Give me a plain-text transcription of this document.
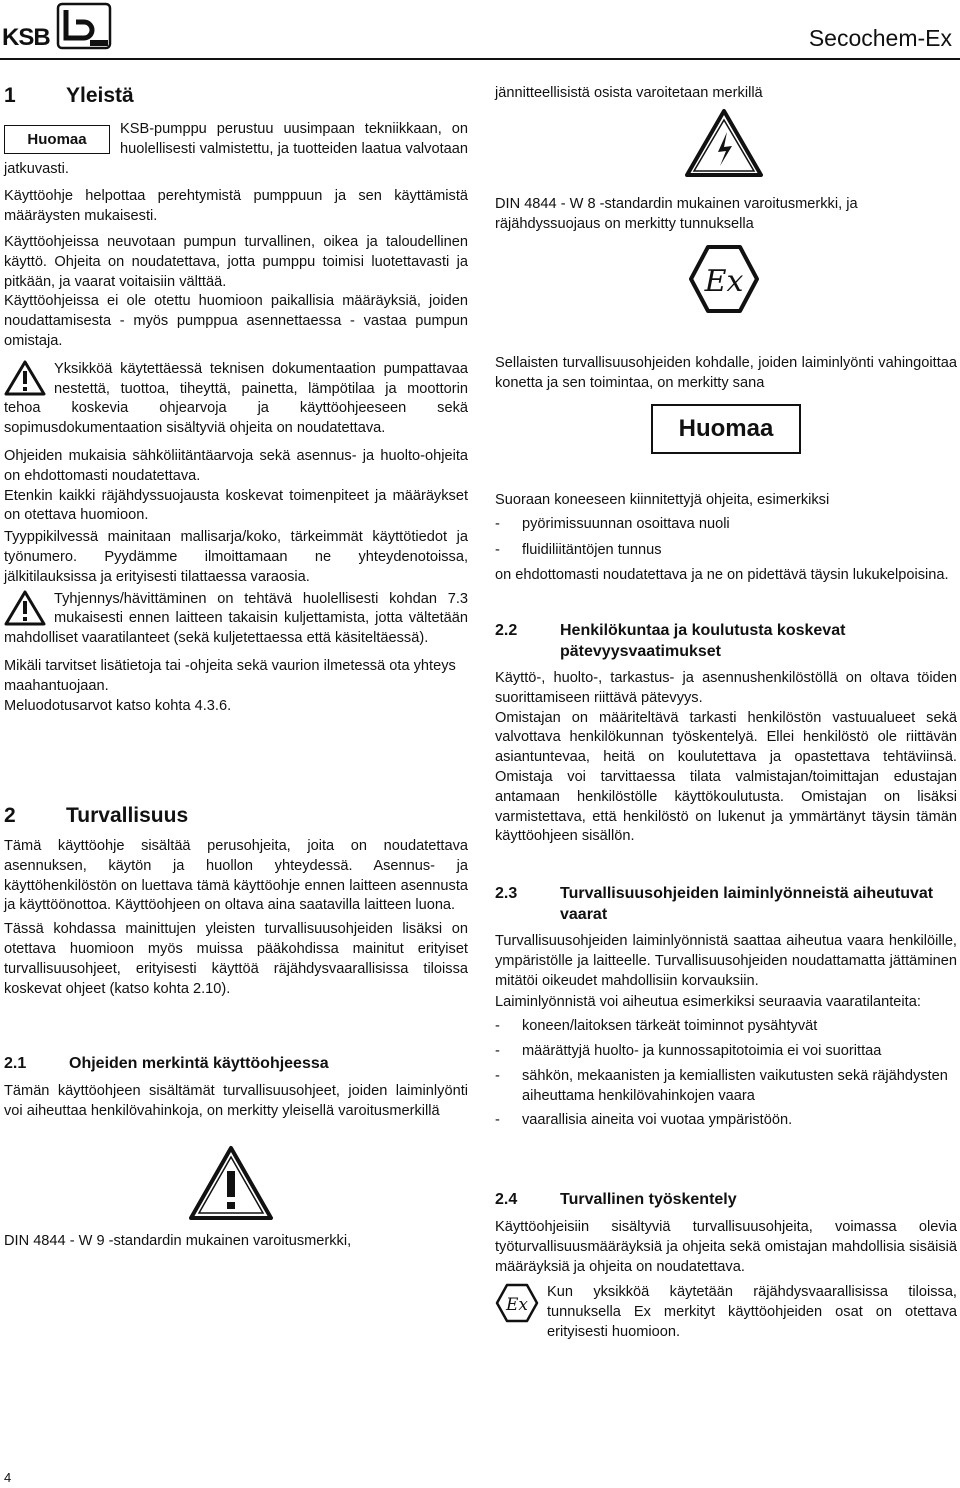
KSB	Secochem-Ex
1 Yleistä

Huomaa
KSB-pumppu perustuu uusimpaan tekniikkaan, on huolellisesti valmistettu, ja tuotteiden laatua valvotaan jatkuvasti.

Käyttöohje helpottaa perehtymistä pumppuun ja sen käyttämistä määräysten mukaisesti.

Käyttöohjeissa neuvotaan pumpun turvallinen, oikea ja taloudellinen käyttö. Ohjeita on noudatettava, jotta pumppu toimisi luotettavasti ja pitkään, ja vaarat voitaisiin välttää.

Käyttöohjeissa ei ole otettu huomioon paikallisia määräyksiä, joiden noudattamisesta - myös pumppua asennettaessa - vastaa pumpun omistaja.

Yksikköä käytettäessä teknisen dokumentaation pumpattavaa nestettä, tuottoa, tiheyttä, painetta, lämpötilaa ja moottorin tehoa koskevia ohjearvoja ja käyttöohjeeseen sekä sopimusdokumentaation sisältyviä ohjeita on noudatettava.

Ohjeiden mukaisia sähköliitäntäarvoja sekä asennus- ja huolto-ohjeita on ehdottomasti noudatettava.

Etenkin kaikki räjähdyssuojausta koskevat toimenpiteet ja määräykset on otettava huomioon.

Tyyppikilvessä mainitaan mallisarja/koko, tärkeimmät käyttötiedot ja työnumero. Pyydämme ilmoittamaan ne yhteydenotoissa, jälkitilauksissa ja erityisesti tilattaessa varaosia.

Tyhjennys/hävittäminen on tehtävä huolellisesti kohdan 7.3 mukaisesti ennen laitteen takaisin kuljettamista, jotta vältetään mahdolliset vaaratilanteet (sekä kuljetettaessa että käsiteltäessä).

Mikäli tarvitset lisätietoja tai -ohjeita sekä vaurion ilmetessä ota yhteys maahantuojaan.

Meluodotusarvot katso kohta 4.3.6.

2 Turvallisuus

Tämä käyttöohje sisältää perusohjeita, joita on noudatettava asennuksen, käytön ja huollon yhteydessä. Asennus- ja käyttöhenkilöstön on luettava tämä käyttöohje ennen laitteen asennusta ja käyttöönottoa. Käyttöohjeen on oltava aina saatavilla laitteen luona.

Tässä kohdassa mainittujen yleisten turvallisuusohjeiden lisäksi on otettava huomioon myös muissa pääkohdissa mainitut erityiset turvallisuusohjeet, erityisesti käyttöä räjähdysvaarallisissa tiloissa koskevat ohjeet (katso kohta 2.10).

2.1	Ohjeiden merkintä käyttöohjeessa

Tämän käyttöohjeen sisältämät turvallisuusohjeet, joiden laiminlyönti voi aiheuttaa henkilövahinkoja, on merkitty yleisellä varoitusmerkillä

DIN 4844 - W 9 -standardin mukainen varoitusmerkki,

4

jännitteellisistä osista varoitetaan merkillä

DIN 4844 - W 8 -standardin mukainen varoitusmerkki, ja räjähdyssuojaus on merkitty tunnuksella

Ex

Sellaisten turvallisuusohjeiden kohdalle, joiden laiminlyönti vahingoittaa konetta ja sen toimintaa, on merkitty sana

Huomaa

Suoraan koneeseen kiinnitettyjä ohjeita, esimerkiksi

-	pyörimissuunnan osoittava nuoli
-	fluidiliitäntöjen tunnus

on ehdottomasti noudatettava ja ne on pidettävä täysin lukukelpoisina.

2.2	Henkilökuntaa ja koulutusta koskevat pätevyysvaatimukset

Käyttö-, huolto-, tarkastus- ja asennushenkilöstöllä on oltava töiden suorittamiseen riittävä pätevyys.

Omistajan on määriteltävä tarkasti henkilöstön vastuualueet sekä valvottava henkilökunnan työskentelyä. Ellei henkilöstö ole riittävän asiantuntevaa, heitä on koulutettava ja opastettava tehtäviinsä. Omistaja voi tarvittaessa tilata valmistajan/toimittajan edustajan antamaan henkilöstölle käyttökoulutusta. Omistajan on lisäksi varmistettava, että henkilöstö on lukenut ja ymmärtänyt täysin tämän käyttöohjeen sisällön.

2.3	Turvallisuusohjeiden laiminlyönneistä aiheutuvat vaarat

Turvallisuusohjeiden laiminlyönnistä saattaa aiheutua vaara henkilöille, ympäristölle ja laitteelle. Turvallisuusohjeiden noudattamatta jättäminen mitätöi oikeudet mahdollisiin korvauksiin.

Laiminlyönnistä voi aiheutua esimerkiksi seuraavia vaaratilanteita:

-	koneen/laitoksen tärkeät toiminnot pysähtyvät
-	määrättyjä huolto- ja kunnossapitotoimia ei voi suorittaa
-	sähkön, mekaanisten ja kemiallisten vaikutusten sekä räjähdysten aiheuttama henkilövahinkojen vaara
-	vaarallisia aineita voi vuotaa ympäristöön.
2.4	Turvallinen työskentely

Käyttöohjeisiin sisältyviä turvallisuusohjeita, voimassa olevia työturvallisuusmääräyksiä ja ohjeita sekä omistajan mahdollisia sisäisiä määräyksiä ja ohjeita on noudatettava.

Ex
Kun yksikköä käytetään räjähdysvaarallisissa tiloissa, tunnuksella Ex merkityt käyttöohjeiden osat on otettava erityisesti huomioon.
